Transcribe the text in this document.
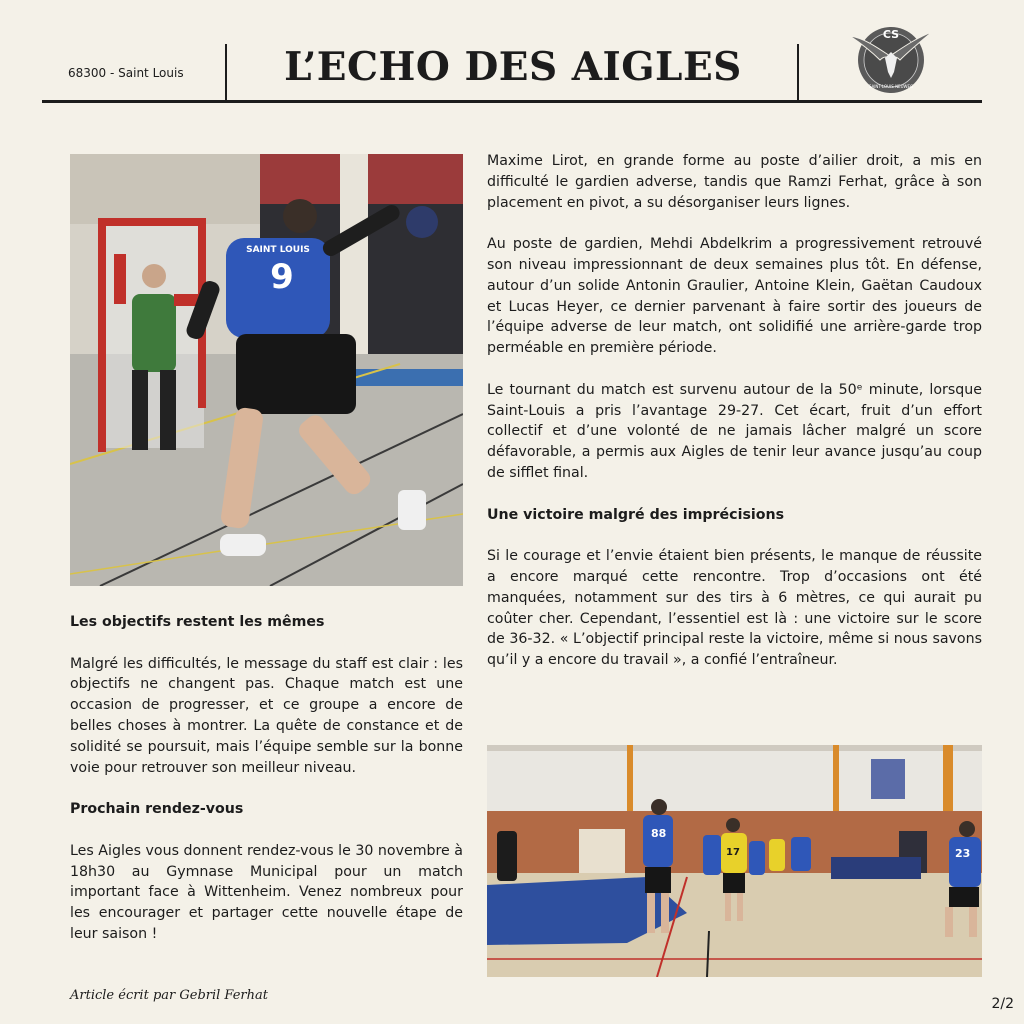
68300 - Saint Louis	L’ECHO DES AIGLES
CS
SAINT-LOUIS NEUWEG
SAINT LOUIS
9
88
17	23
Les objectifs restent les mêmes

Malgré les difficultés, le message du staff est clair : les objectifs ne changent pas. Chaque match est une occasion de progresser, et ce groupe a encore de belles choses à montrer. La quête de constance et de solidité se poursuit, mais l’équipe semble sur la bonne voie pour retrouver son meilleur niveau.

Prochain rendez-vous

Les Aigles vous donnent rendez-vous le 30 novembre à 18h30 au Gymnase Municipal pour un match important face à Wittenheim. Venez nombreux pour les encourager et partager cette nouvelle étape de leur saison !

Maxime Lirot, en grande forme au poste d’ailier droit, a mis en difficulté le gardien adverse, tandis que Ramzi Ferhat, grâce à son placement en pivot, a su désorganiser leurs lignes.

Au poste de gardien, Mehdi Abdelkrim a progressivement retrouvé son niveau impressionnant de deux semaines plus tôt. En défense, autour d’un solide Antonin Graulier, Antoine Klein, Gaëtan Caudoux et Lucas Heyer, ce dernier parvenant à faire sortir des joueurs de l’équipe adverse de leur match, ont solidifié une arrière-garde trop perméable en première période.

Le tournant du match est survenu autour de la 50ᵉ minute, lorsque Saint-Louis a pris l’avantage 29-27. Cet écart, fruit d’un effort collectif et d’une volonté de ne jamais lâcher malgré un score défavorable, a permis aux Aigles de tenir leur avance jusqu’au coup de sifflet final.

Une victoire malgré des imprécisions

Si le courage et l’envie étaient bien présents, le manque de réussite a encore marqué cette rencontre. Trop d’occasions ont été manquées, notamment sur des tirs à 6 mètres, ce qui aurait pu coûter cher. Cependant, l’essentiel est là : une victoire sur le score de 36-32. « L’objectif principal reste la victoire, même si nous savons qu’il y a encore du travail », a confié l’entraîneur.

Article écrit par Gebril Ferhat
2/2
